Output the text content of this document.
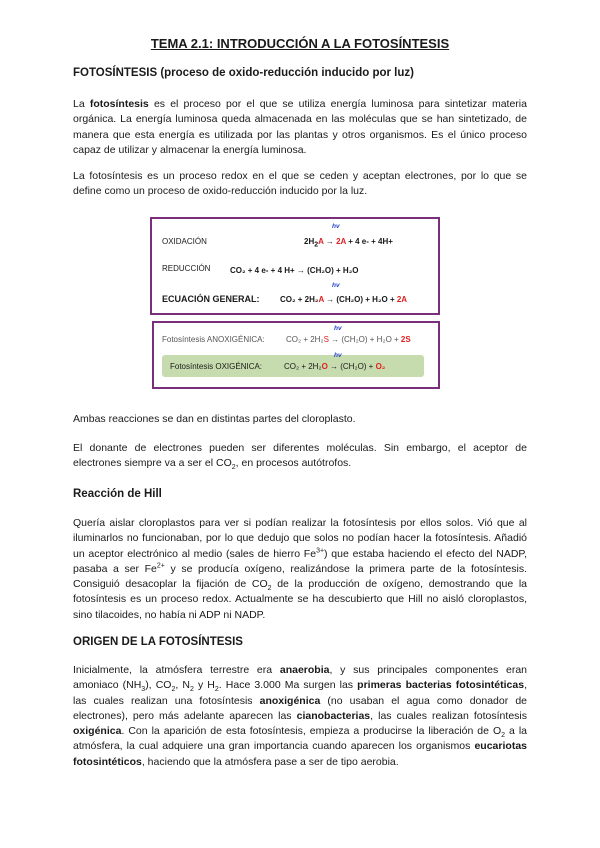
TEMA 2.1: INTRODUCCIÓN A LA FOTOSÍNTESIS
FOTOSÍNTESIS (proceso de oxido-reducción inducido por luz)

La fotosíntesis es el proceso por el que se utiliza energía luminosa para sintetizar materia orgánica. La energía luminosa queda almacenada en las moléculas que se han sintetizado, de manera que esta energía es utilizada por las plantas y otros organismos. Es el único proceso capaz de utilizar y almacenar la energía luminosa.

La fotosíntesis es un proceso redox en el que se ceden y aceptan electrones, por lo que se define como un proceso de oxido-reducción inducido por la luz.

hv
OXIDACIÓN	$2H_2A \to 2A + 4$ e- + 4H+
REDUCCIÓN CO₂ + 4 e- + 4 H+ → (CH₂O) + H₂O
hv
ECUACIÓN GENERAL:	CO₂ + 2H₂A → (CH₂O) + H₂O + 2A
hv
Fotosíntesis ANOXIGÉNICA:	CO₂ + 2H₂S → (CH₂O) + H₂O + 2S
hv
Fotosíntesis OXIGÉNICA:	CO₂ + 2H₂O → (CH₂O) + O₂

Ambas reacciones se dan en distintas partes del cloroplasto.

El donante de electrones pueden ser diferentes moléculas. Sin embargo, el aceptor de electrones siempre va a ser el $CO_2$, en procesos autótrofos.

Reacción de Hill

Quería aislar cloroplastos para ver si podían realizar la fotosíntesis por ellos solos. Vió que al iluminarlos no funcionaban, por lo que dedujo que solos no podían hacer la fotosíntesis. Añadió un aceptor electrónico al medio (sales de hierro $Fe^{3+}$) que estaba haciendo el efecto del NADP, pasaba a ser $Fe^{2+}$ y se producía oxígeno, realizándose la primera parte de la fotosíntesis. Consiguió desacoplar la fijación de $CO_2$ de la producción de oxígeno, demostrando que la fotosíntesis es un proceso redox. Actualmente se ha descubierto que Hill no aisló cloroplastos, sino tilacoides, no había ni ADP ni NADP.

ORIGEN DE LA FOTOSÍNTESIS

Inicialmente, la atmósfera terrestre era anaerobia, y sus principales componentes eran amoniaco $(NH_3)$, $CO_2$, $N_2$ y $H_2$. Hace 3.000 Ma surgen las primeras bacterias fotosintéticas, las cuales realizan una fotosíntesis anoxigénica (no usaban el agua como donador de electrones), pero más adelante aparecen las cianobacterias, las cuales realizan fotosíntesis oxigénica. Con la aparición de esta fotosíntesis, empieza a producirse la liberación de $O_2$ a la atmósfera, la cual adquiere una gran importancia cuando aparecen los organismos eucariotas fotosintéticos, haciendo que la atmósfera pase a ser de tipo aerobia.
